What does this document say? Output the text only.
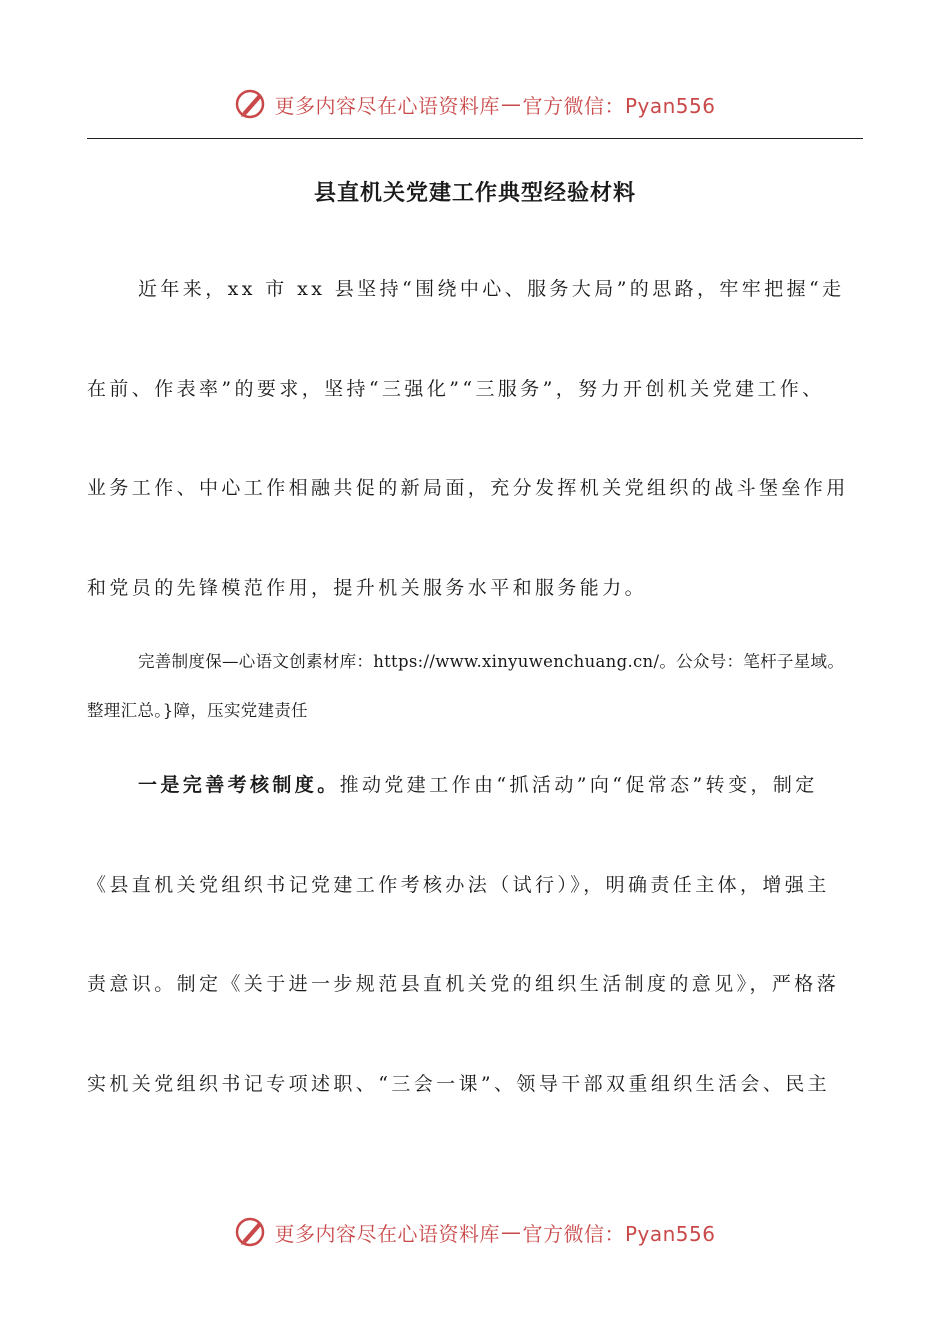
更多内容尽在心语资料库 — 官方微信：Pyan556
县直机关党建工作典型经验材料
近年来，xx 市 xx 县坚持“围绕中心、服务大局”的思路，牢牢把握“走
在前、作表率”的要求，坚持“三强化”“三服务”，努力开创机关党建工作、
业务工作、中心工作相融共促的新局面，充分发挥机关党组织的战斗堡垒作用
和党员的先锋模范作用，提升机关服务水平和服务能力。
完善制度保—心语文创素材库：https://www.xinyuwenchuang.cn/。公众号：笔杆子星域。
整理汇总。}障，压实党建责任
一是完善考核制度。推动党建工作由“抓活动”向“促常态”转变，制定
《县直机关党组织书记党建工作考核办法（试行）》，明确责任主体，增强主
责意识。制定《关于进一步规范县直机关党的组织生活制度的意见》，严格落
实机关党组织书记专项述职、“三会一课”、领导干部双重组织生活会、民主
更多内容尽在心语资料库 — 官方微信：Pyan556
